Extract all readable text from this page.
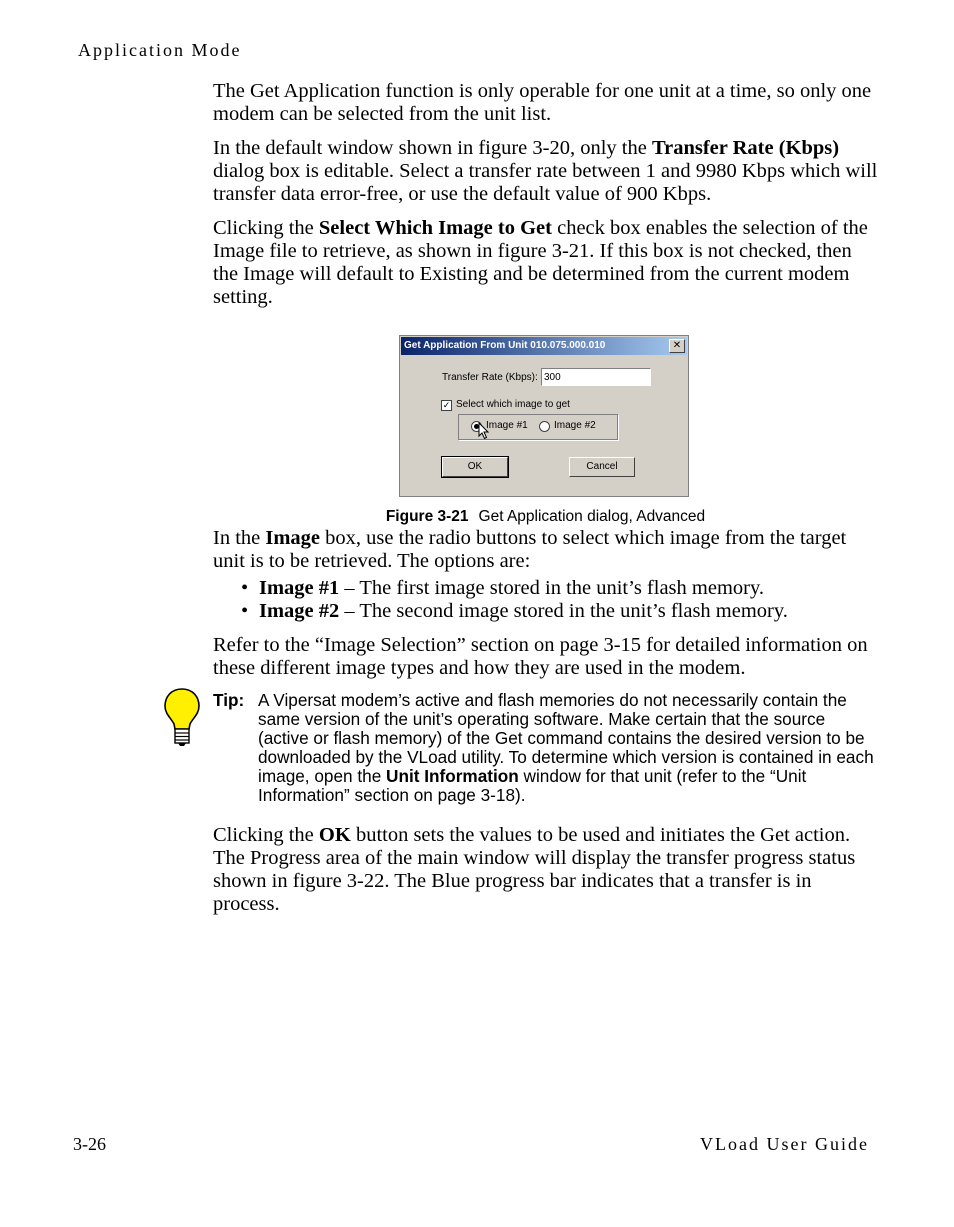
Application Mode

The Get Application function is only operable for one unit at a time, so only one modem can be selected from the unit list.

In the default window shown in figure 3-20, only the Transfer Rate (Kbps) dialog box is editable. Select a transfer rate between 1 and 9980 Kbps which will transfer data error-free, or use the default value of 900 Kbps.

Clicking the Select Which Image to Get check box enables the selection of the Image file to retrieve, as shown in figure 3-21. If this box is not checked, then the Image will default to Existing and be determined from the current modem setting.

Get Application From Unit 010.075.000.010	✕
Transfer Rate (Kbps):
300
✓ Select which image to get
Image #1	Image #2
OK	Cancel
Figure 3-21 Get Application dialog, Advanced

In the Image box, use the radio buttons to select which image from the target unit is to be retrieved. The options are:

• Image #1 – The first image stored in the unit’s flash memory.
• Image #2 – The second image stored in the unit’s flash memory.

Refer to the “Image Selection” section on page 3-15 for detailed information on these different image types and how they are used in the modem.

Tip: A Vipersat modem’s active and flash memories do not necessarily contain the same version of the unit’s operating software. Make certain that the source (active or flash memory) of the Get command contains the desired version to be downloaded by the VLoad utility. To determine which version is contained in each image, open the Unit Information window for that unit (refer to the “Unit Information” section on page 3-18).

Clicking the OK button sets the values to be used and initiates the Get action. The Progress area of the main window will display the transfer progress status shown in figure 3-22. The Blue progress bar indicates that a transfer is in process.

3-26	VLoad User Guide
